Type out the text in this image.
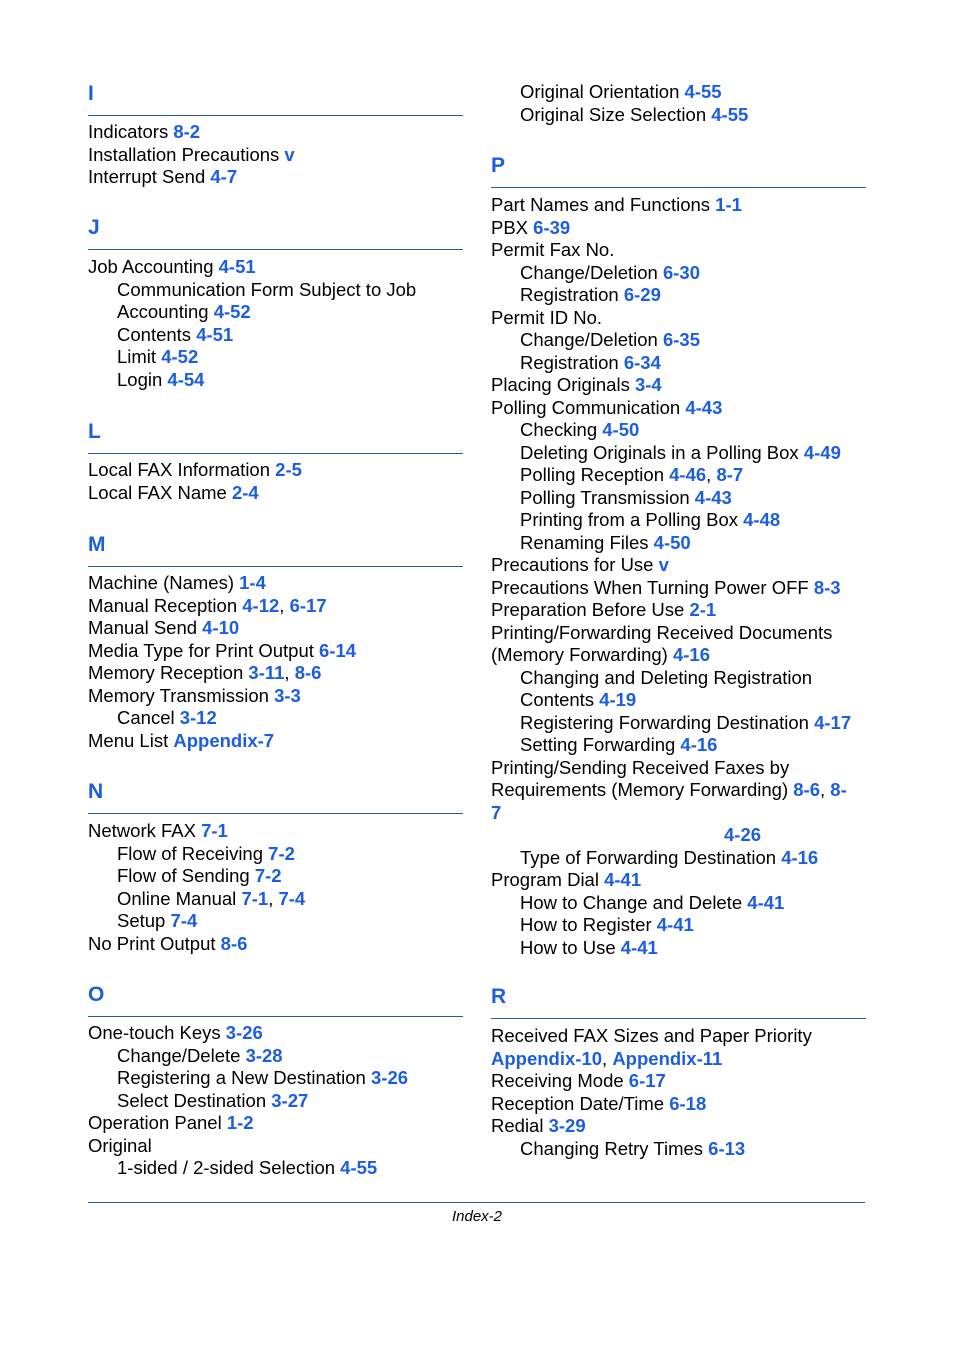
I
Indicators 8-2
Installation Precautions v
Interrupt Send 4-7
J
Job Accounting 4-51
Communication Form Subject to Job
Accounting 4-52
Contents 4-51
Limit 4-52
Login 4-54
L
Local FAX Information 2-5
Local FAX Name 2-4
M
Machine (Names) 1-4
Manual Reception 4-12, 6-17
Manual Send 4-10
Media Type for Print Output 6-14
Memory Reception 3-11, 8-6
Memory Transmission 3-3
Cancel 3-12
Menu List Appendix-7
N
Network FAX 7-1
Flow of Receiving 7-2
Flow of Sending 7-2
Online Manual 7-1, 7-4
Setup 7-4
No Print Output 8-6
O
One-touch Keys 3-26
Change/Delete 3-28
Registering a New Destination 3-26
Select Destination 3-27
Operation Panel 1-2
Original
1-sided / 2-sided Selection 4-55
Original Orientation 4-55
Original Size Selection 4-55
P
Part Names and Functions 1-1
PBX 6-39
Permit Fax No.
Change/Deletion 6-30
Registration 6-29
Permit ID No.
Change/Deletion 6-35
Registration 6-34
Placing Originals 3-4
Polling Communication 4-43
Checking 4-50
Deleting Originals in a Polling Box 4-49
Polling Reception 4-46, 8-7
Polling Transmission 4-43
Printing from a Polling Box 4-48
Renaming Files 4-50
Precautions for Use v
Precautions When Turning Power OFF 8-3
Preparation Before Use 2-1
Printing/Forwarding Received Documents
(Memory Forwarding) 4-16
Changing and Deleting Registration
Contents 4-19
Registering Forwarding Destination 4-17
Setting Forwarding 4-16
Printing/Sending Received Faxes by
Requirements (Memory Forwarding) 8-6, 8-
7
4-26
Type of Forwarding Destination 4-16
Program Dial 4-41
How to Change and Delete 4-41
How to Register 4-41
How to Use 4-41
R
Received FAX Sizes and Paper Priority
Appendix-10, Appendix-11
Receiving Mode 6-17
Reception Date/Time 6-18
Redial 3-29
Changing Retry Times 6-13
Index-2
